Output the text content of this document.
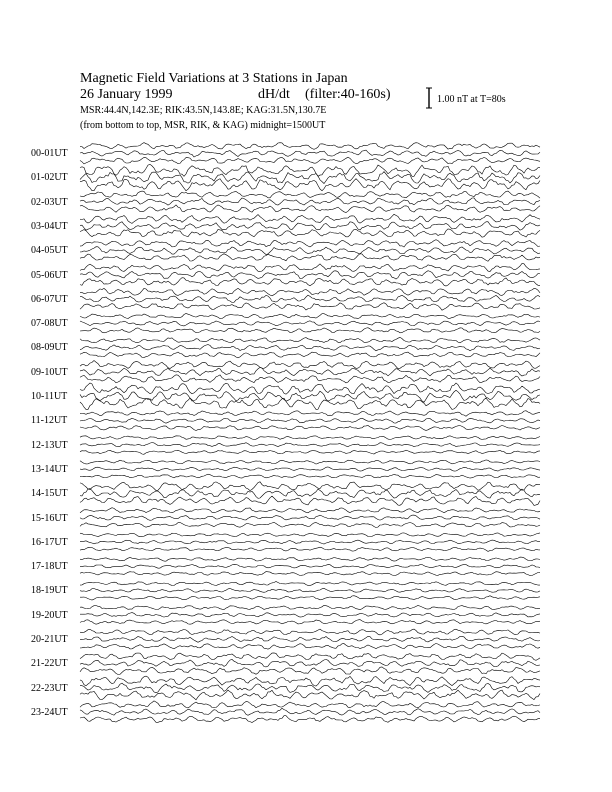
Magnetic Field Variations at 3 Stations in Japan
26 January 1999	dH/dt (filter:40-160s)
MSR:44.4N,142.3E; RIK:43.5N,143.8E; KAG:31.5N,130.7E
(from bottom to top, MSR, RIK, & KAG) midnight=1500UT
1.00 nT at T=80s
00-01UT
01-02UT
02-03UT
03-04UT
04-05UT
05-06UT
06-07UT
07-08UT
08-09UT
09-10UT
10-11UT
11-12UT
12-13UT
13-14UT
14-15UT
15-16UT
16-17UT
17-18UT
18-19UT
19-20UT
20-21UT
21-22UT
22-23UT
23-24UT
